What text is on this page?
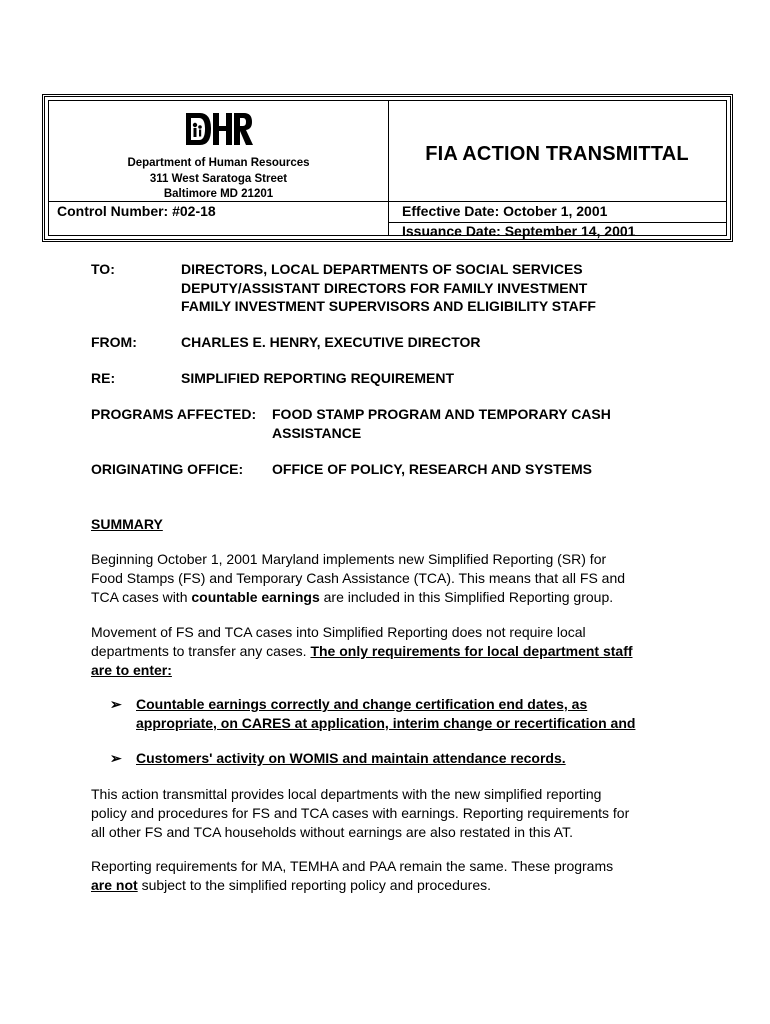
Department of Human Resources
311 West Saratoga Street
Baltimore MD 21201
Control Number: #02-18
FIA ACTION TRANSMITTAL
Effective Date: October 1, 2001
Issuance Date: September 14, 2001
TO:	DIRECTORS, LOCAL DEPARTMENTS OF SOCIAL SERVICES
DEPUTY/ASSISTANT DIRECTORS FOR FAMILY INVESTMENT
FAMILY INVESTMENT SUPERVISORS AND ELIGIBILITY STAFF
FROM:	CHARLES E. HENRY, EXECUTIVE DIRECTOR
RE:	SIMPLIFIED REPORTING REQUIREMENT
PROGRAMS AFFECTED: FOOD STAMP PROGRAM AND TEMPORARY CASH
ASSISTANCE
ORIGINATING OFFICE: OFFICE OF POLICY, RESEARCH AND SYSTEMS
SUMMARY
Beginning October 1, 2001 Maryland implements new Simplified Reporting (SR) for
Food Stamps (FS) and Temporary Cash Assistance (TCA). This means that all FS and
TCA cases with countable earnings are included in this Simplified Reporting group.
Movement of FS and TCA cases into Simplified Reporting does not require local
departments to transfer any cases. The only requirements for local department staff
are to enter:
➢ Countable earnings correctly and change certification end dates, as
appropriate, on CARES at application, interim change or recertification and
➢ Customers' activity on WOMIS and maintain attendance records.
This action transmittal provides local departments with the new simplified reporting
policy and procedures for FS and TCA cases with earnings. Reporting requirements for
all other FS and TCA households without earnings are also restated in this AT.
Reporting requirements for MA, TEMHA and PAA remain the same. These programs
are not subject to the simplified reporting policy and procedures.
